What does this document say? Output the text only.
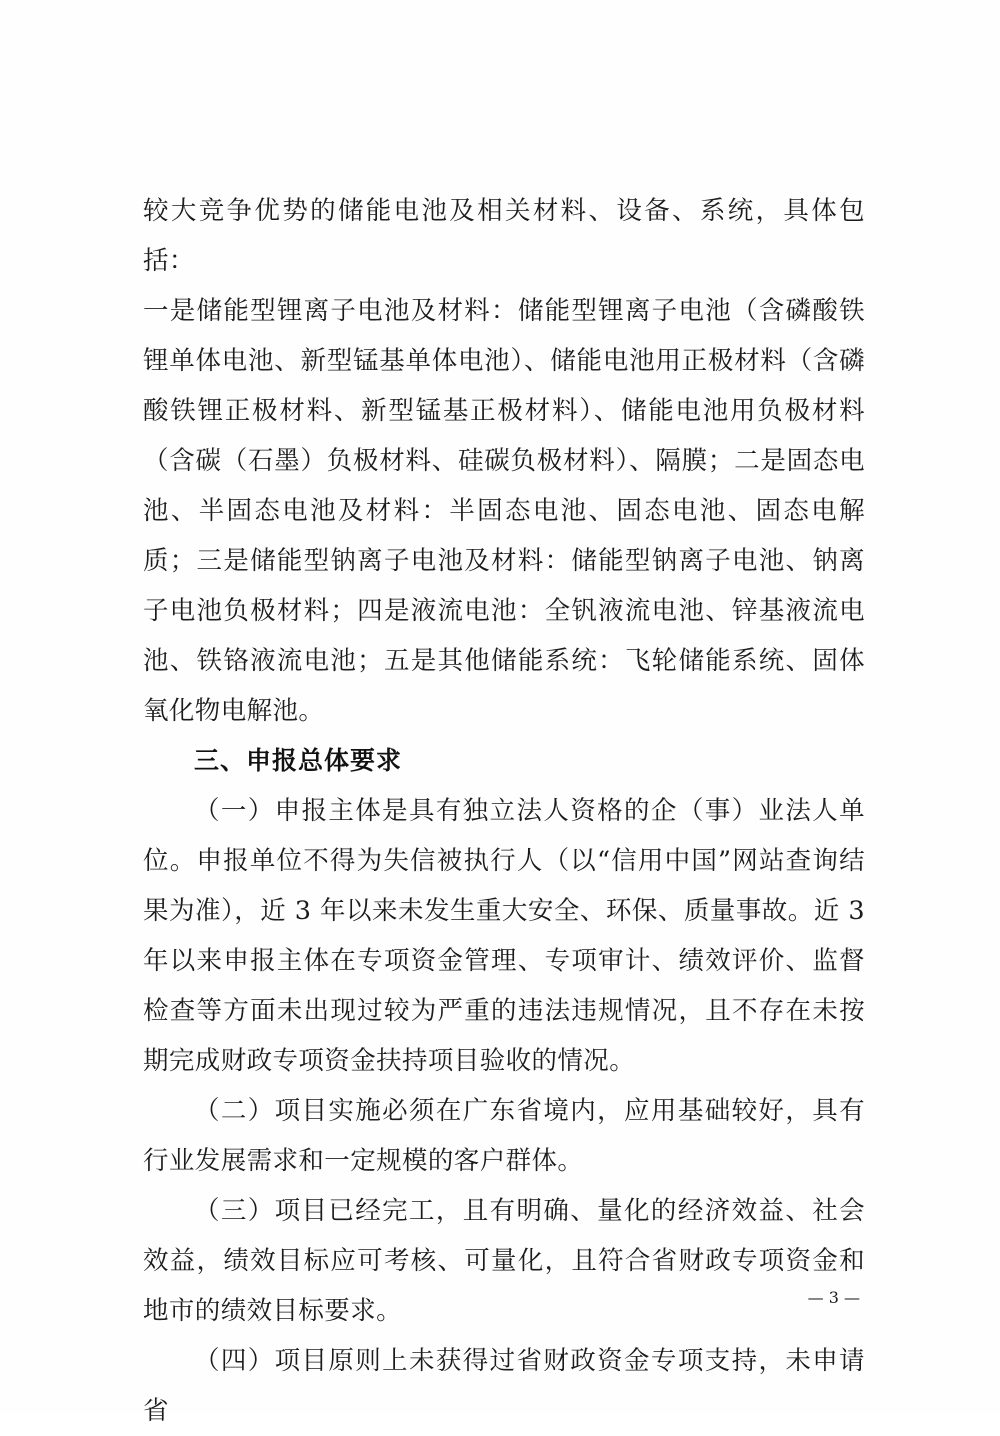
较大竞争优势的储能电池及相关材料、设备、系统，具体包括：

一是储能型锂离子电池及材料：储能型锂离子电池（含磷酸铁锂单体电池、新型锰基单体电池）、储能电池用正极材料（含磷酸铁锂正极材料、新型锰基正极材料）、储能电池用负极材料（含碳（石墨）负极材料、硅碳负极材料）、隔膜；二是固态电池、半固态电池及材料：半固态电池、固态电池、固态电解质；三是储能型钠离子电池及材料：储能型钠离子电池、钠离子电池负极材料；四是液流电池：全钒液流电池、锌基液流电池、铁铬液流电池；五是其他储能系统：飞轮储能系统、固体氧化物电解池。

三、申报总体要求

（一）申报主体是具有独立法人资格的企（事）业法人单位。申报单位不得为失信被执行人（以“信用中国”网站查询结果为准），近 3 年以来未发生重大安全、环保、质量事故。近 3 年以来申报主体在专项资金管理、专项审计、绩效评价、监督检查等方面未出现过较为严重的违法违规情况，且不存在未按期完成财政专项资金扶持项目验收的情况。

（二）项目实施必须在广东省境内，应用基础较好，具有行业发展需求和一定规模的客户群体。

（三）项目已经完工，且有明确、量化的经济效益、社会效益，绩效目标应可考核、可量化，且符合省财政专项资金和地市的绩效目标要求。

（四）项目原则上未获得过省财政资金专项支持，未申请省

— 3 —
